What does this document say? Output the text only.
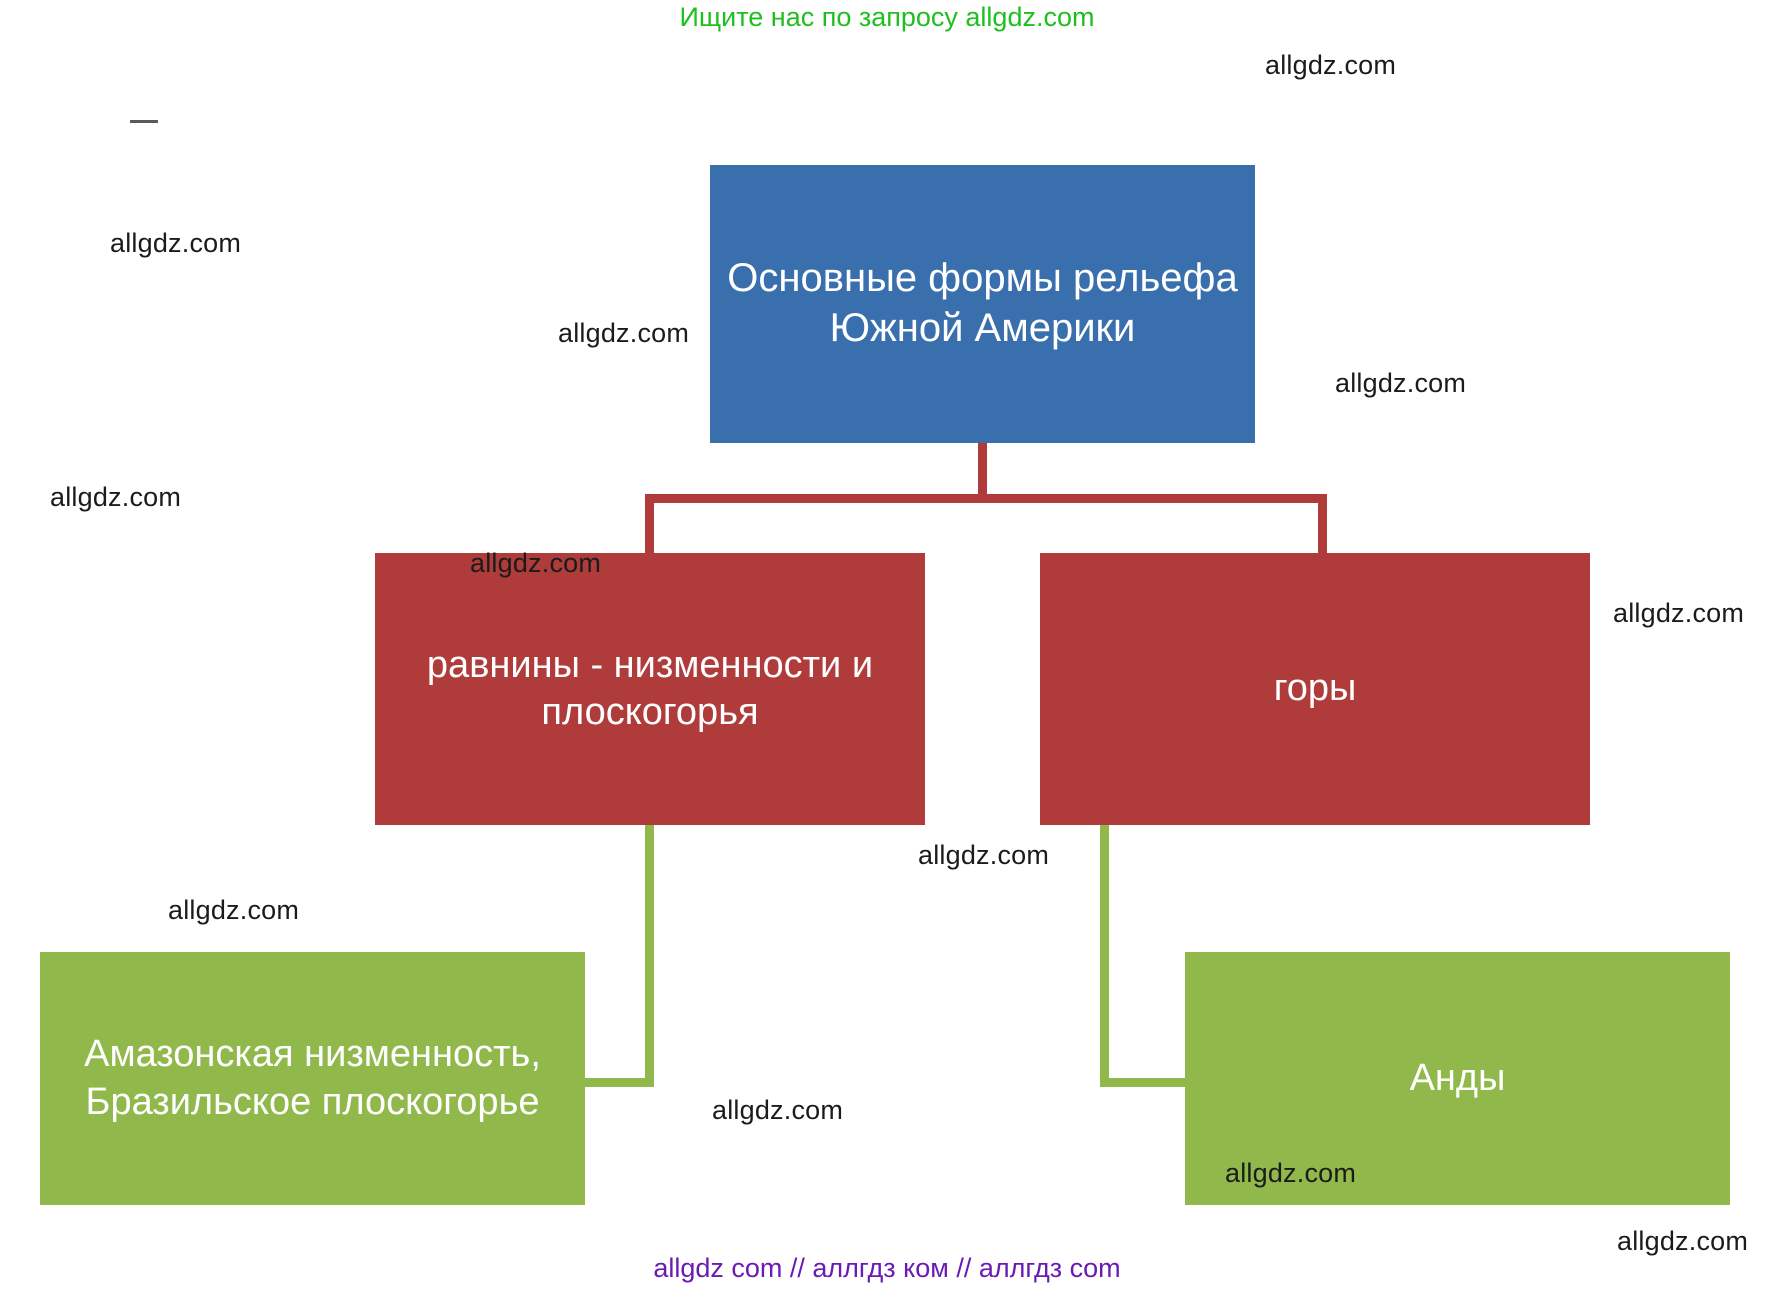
Ищите нас по запросу allgdz.com
Основные формы рельефа Южной Америки
равнины - низменности и плоскогорья
горы
Амазонская низменность, Бразильское плоскогорье
Анды
allgdz.com
allgdz.com
allgdz.com
allgdz.com
allgdz.com
allgdz.com
allgdz.com
allgdz.com
allgdz.com
allgdz.com
allgdz.com
allgdz.com
allgdz com // аллгдз ком // аллгдз com
